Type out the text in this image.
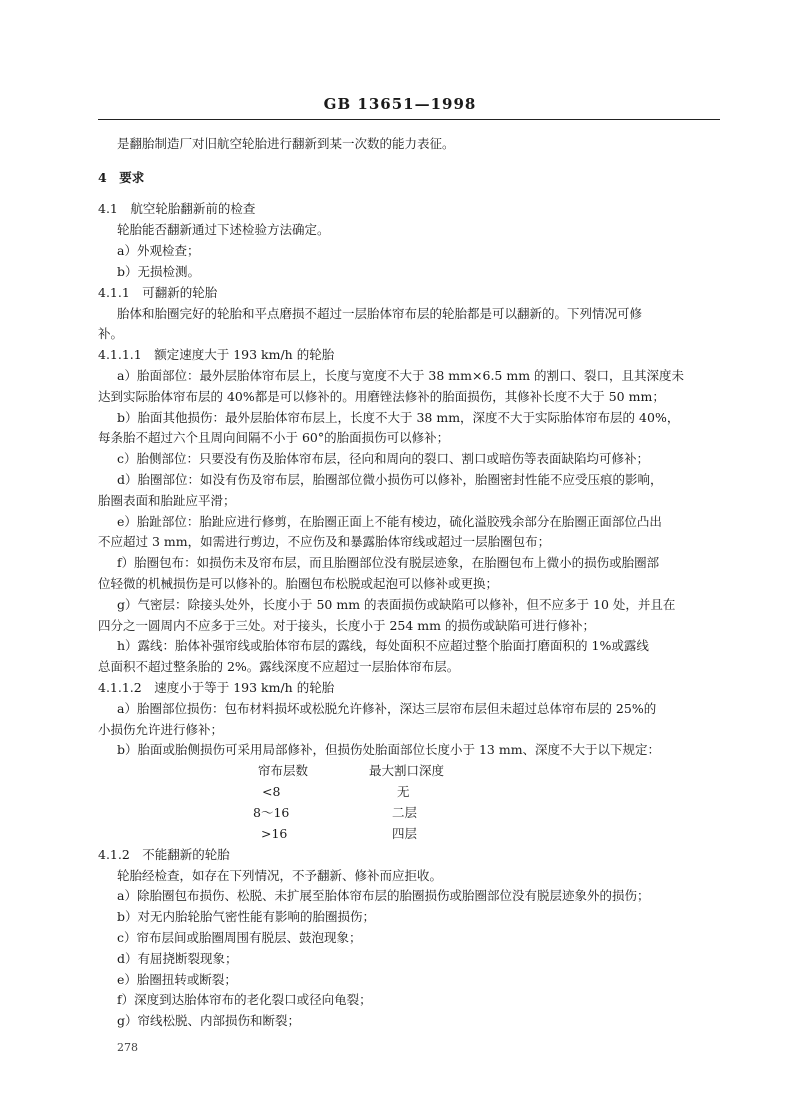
GB 13651—1998
是翻胎制造厂对旧航空轮胎进行翻新到某一次数的能力表征。
4　要求
4.1　航空轮胎翻新前的检查
轮胎能否翻新通过下述检验方法确定。
a）外观检查；
b）无损检测。
4.1.1　可翻新的轮胎
胎体和胎圈完好的轮胎和平点磨损不超过一层胎体帘布层的轮胎都是可以翻新的。下列情况可修
补。
4.1.1.1　额定速度大于 193 km/h 的轮胎
a）胎面部位：最外层胎体帘布层上，长度与宽度不大于 38 mm×6.5 mm 的割口、裂口，且其深度未
达到实际胎体帘布层的 40%都是可以修补的。用磨锉法修补的胎面损伤，其修补长度不大于 50 mm；
b）胎面其他损伤：最外层胎体帘布层上，长度不大于 38 mm，深度不大于实际胎体帘布层的 40%，
每条胎不超过六个且周向间隔不小于 60°的胎面损伤可以修补；
c）胎侧部位：只要没有伤及胎体帘布层，径向和周向的裂口、割口或暗伤等表面缺陷均可修补；
d）胎圈部位：如没有伤及帘布层，胎圈部位微小损伤可以修补，胎圈密封性能不应受压痕的影响，
胎圈表面和胎趾应平滑；
e）胎趾部位：胎趾应进行修剪，在胎圈正面上不能有棱边，硫化溢胶残余部分在胎圈正面部位凸出
不应超过 3 mm，如需进行剪边，不应伤及和暴露胎体帘线或超过一层胎圈包布；
f）胎圈包布：如损伤未及帘布层，而且胎圈部位没有脱层迹象，在胎圈包布上微小的损伤或胎圈部
位轻微的机械损伤是可以修补的。胎圈包布松脱或起泡可以修补或更换；
g）气密层：除接头处外，长度小于 50 mm 的表面损伤或缺陷可以修补，但不应多于 10 处，并且在
四分之一圆周内不应多于三处。对于接头，长度小于 254 mm 的损伤或缺陷可进行修补；
h）露线：胎体补强帘线或胎体帘布层的露线，每处面积不应超过整个胎面打磨面积的 1%或露线
总面积不超过整条胎的 2%。露线深度不应超过一层胎体帘布层。
4.1.1.2　速度小于等于 193 km/h 的轮胎
a）胎圈部位损伤：包布材料损坏或松脱允许修补，深达三层帘布层但未超过总体帘布层的 25%的
小损伤允许进行修补；
b）胎面或胎侧损伤可采用局部修补，但损伤处胎面部位长度小于 13 mm、深度不大于以下规定：
帘布层数	最大割口深度
<8	无
8～16	二层
>16	四层
4.1.2　不能翻新的轮胎
轮胎经检查，如存在下列情况，不予翻新、修补而应拒收。
a）除胎圈包布损伤、松脱、未扩展至胎体帘布层的胎圈损伤或胎圈部位没有脱层迹象外的损伤；
b）对无内胎轮胎气密性能有影响的胎圈损伤；
c）帘布层间或胎圈周围有脱层、鼓泡现象；
d）有屈挠断裂现象；
e）胎圈扭转或断裂；
f）深度到达胎体帘布的老化裂口或径向龟裂；
g）帘线松脱、内部损伤和断裂；
278
